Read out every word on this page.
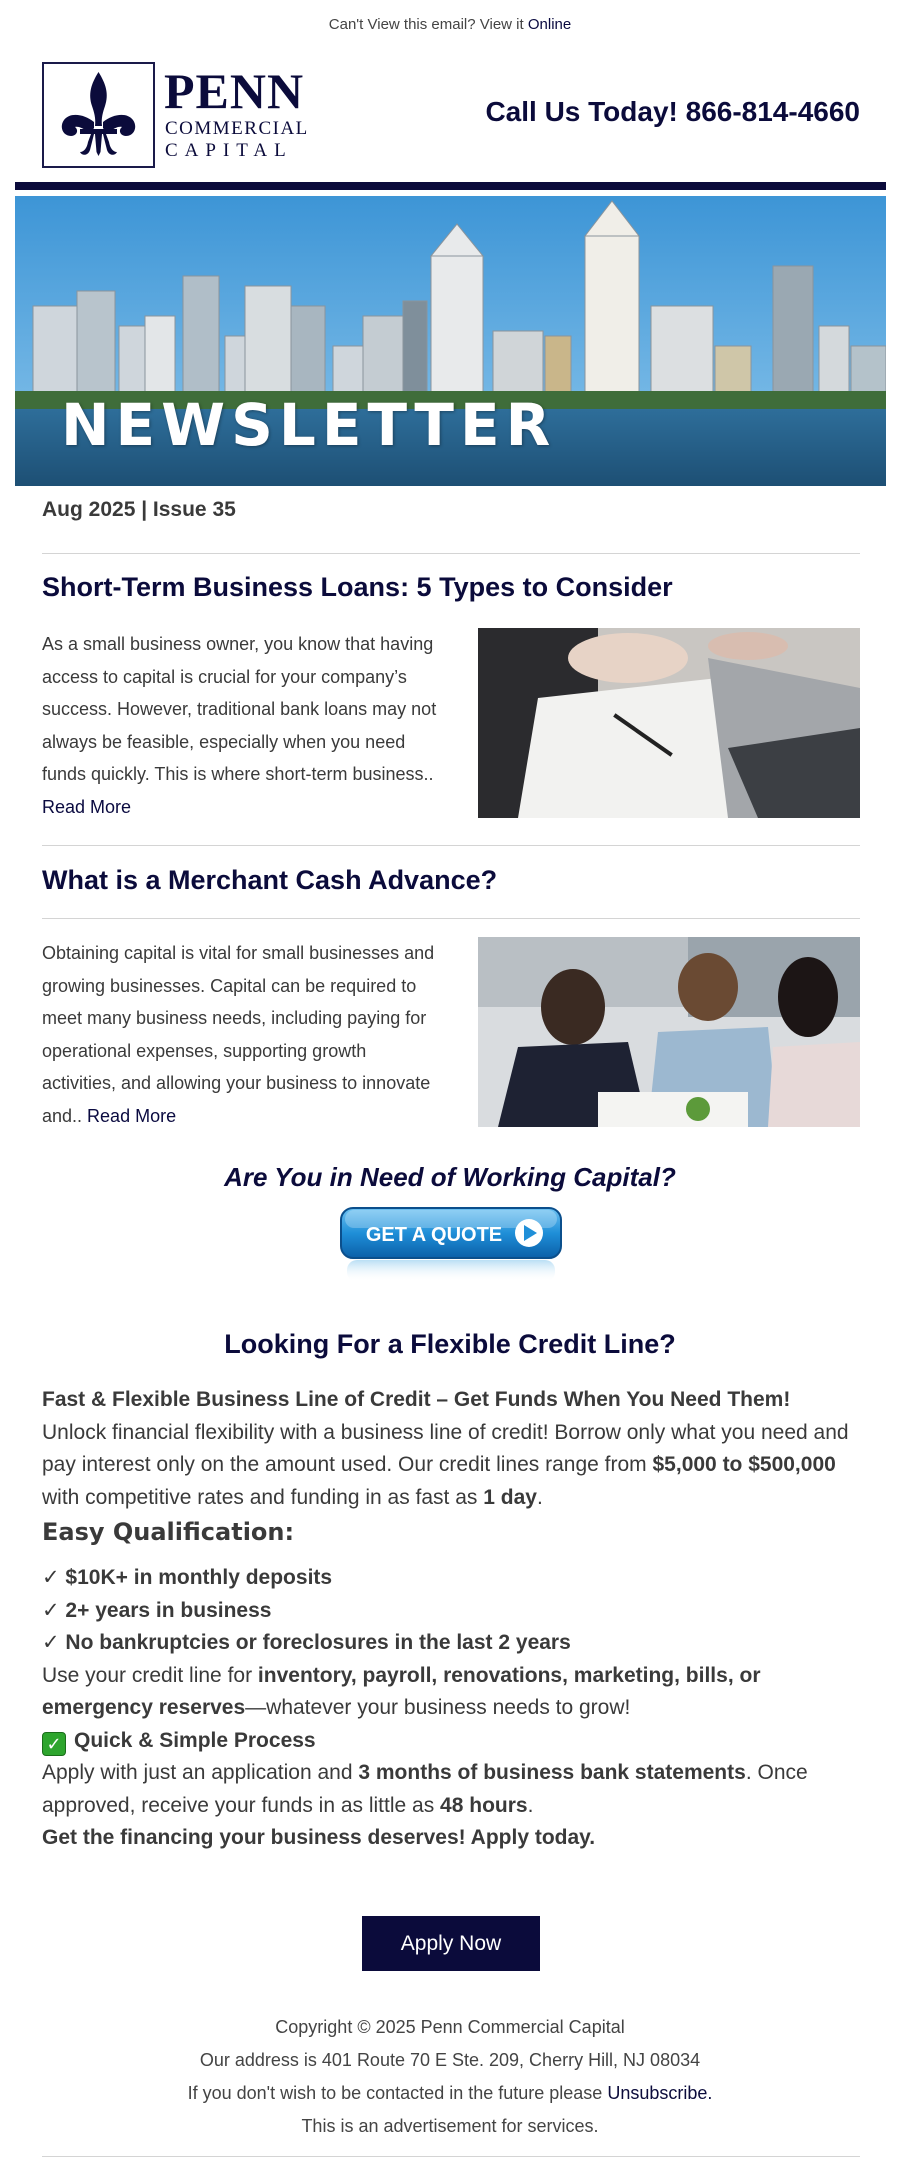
Can't View this email? View it Online
PENN
COMMERCIAL
CAPITAL
Call Us Today! 866-814-4660
NEWSLETTER
Aug 2025 | Issue 35
Short-Term Business Loans: 5 Types to Consider
As a small business owner, you know that having access to capital is crucial for your company’s success. However, traditional bank loans may not always be feasible, especially when you need funds quickly. This is where short-term business.. Read More
What is a Merchant Cash Advance?
Obtaining capital is vital for small businesses and growing businesses. Capital can be required to meet many business needs, including paying for operational expenses, supporting growth activities, and allowing your business to innovate and.. Read More
Are You in Need of Working Capital?
GET A QUOTE
Looking For a Flexible Credit Line?
Fast & Flexible Business Line of Credit – Get Funds When You Need Them!
Unlock financial flexibility with a business line of credit! Borrow only what you need and pay interest only on the amount used. Our credit lines range from $5,000 to $500,000 with competitive rates and funding in as fast as 1 day.
Easy Qualification:
✓ $10K+ in monthly deposits
✓ 2+ years in business
✓ No bankruptcies or foreclosures in the last 2 years
Use your credit line for inventory, payroll, renovations, marketing, bills, or emergency reserves—whatever your business needs to grow!
✓ Quick & Simple Process
Apply with just an application and 3 months of business bank statements. Once approved, receive your funds in as little as 48 hours.
Get the financing your business deserves! Apply today.
Apply Now
Copyright © 2025 Penn Commercial Capital
Our address is 401 Route 70 E Ste. 209, Cherry Hill, NJ 08034
If you don't wish to be contacted in the future please Unsubscribe.
This is an advertisement for services.
